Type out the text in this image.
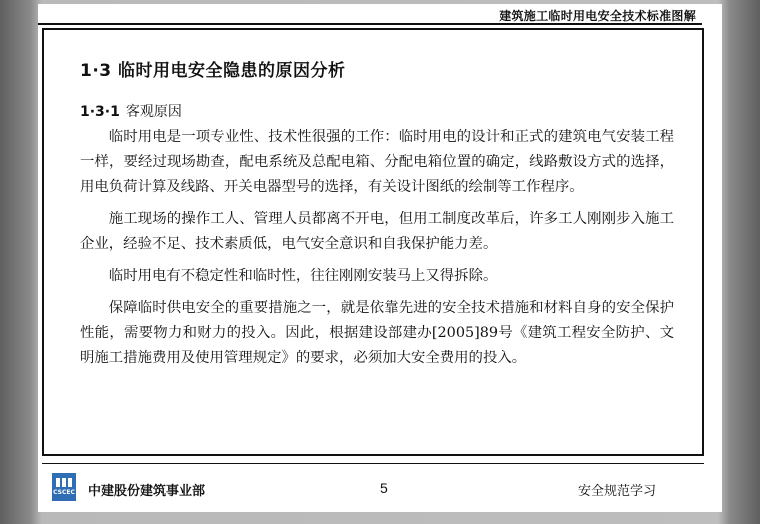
建筑施工临时用电安全技术标准图解
1·3 临时用电安全隐患的原因分析
1·3·1 客观原因

临时用电是一项专业性、技术性很强的工作：临时用电的设计和正式的建筑电气安装工程一样，要经过现场勘查，配电系统及总配电箱、分配电箱位置的确定，线路敷设方式的选择，用电负荷计算及线路、开关电器型号的选择，有关设计图纸的绘制等工作程序。

施工现场的操作工人、管理人员都离不开电，但用工制度改革后，许多工人刚刚步入施工企业，经验不足、技术素质低，电气安全意识和自我保护能力差。

临时用电有不稳定性和临时性，往往刚刚安装马上又得拆除。

保障临时供电安全的重要措施之一，就是依靠先进的安全技术措施和材料自身的安全保护性能，需要物力和财力的投入。因此，根据建设部建办[2005]89号《建筑工程安全防护、文明施工措施费用及使用管理规定》的要求，必须加大安全费用的投入。

CSCEC 中建股份建筑事业部	5	安全规范学习
